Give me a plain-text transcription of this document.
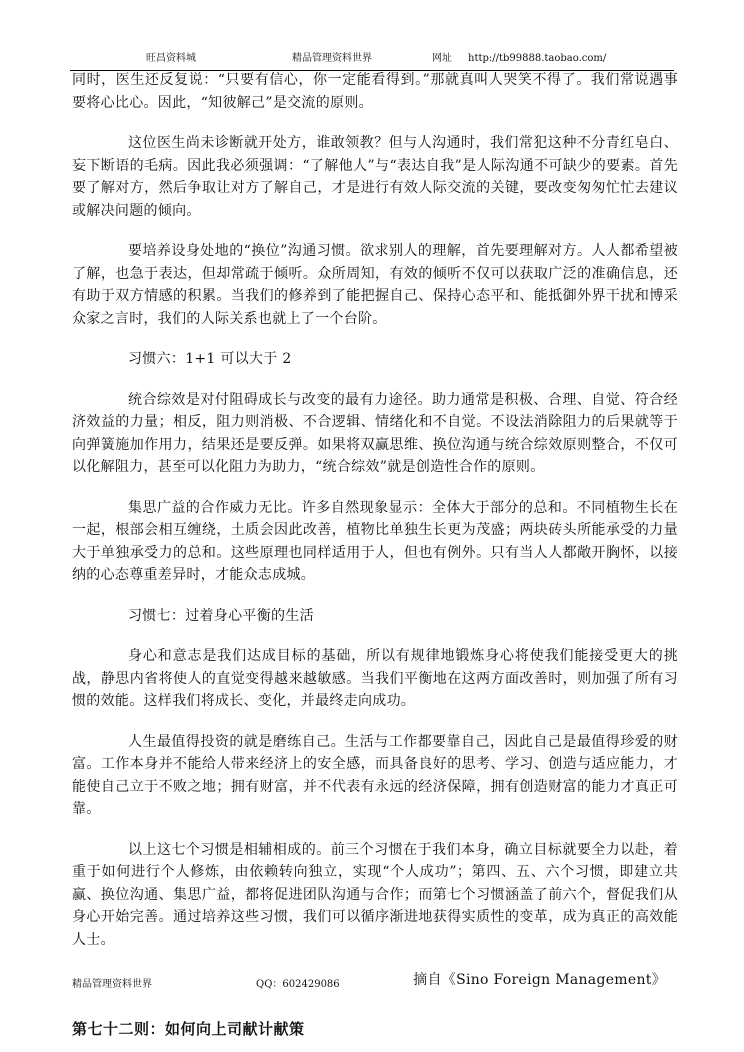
旺昌资料城	精品管理资料世界	网址 http://tb99888.taobao.com/

同时，医生还反复说：“只要有信心，你一定能看得到。”那就真叫人哭笑不得了。我们常说遇事要将心比心。因此，“知彼解己”是交流的原则。

这位医生尚未诊断就开处方，谁敢领教？但与人沟通时，我们常犯这种不分青红皂白、妄下断语的毛病。因此我必须强调：“了解他人”与“表达自我”是人际沟通不可缺少的要素。首先要了解对方，然后争取让对方了解自己，才是进行有效人际交流的关键，要改变匆匆忙忙去建议或解决问题的倾向。

要培养设身处地的“换位”沟通习惯。欲求别人的理解，首先要理解对方。人人都希望被了解，也急于表达，但却常疏于倾听。众所周知，有效的倾听不仅可以获取广泛的准确信息，还有助于双方情感的积累。当我们的修养到了能把握自己、保持心态平和、能抵御外界干扰和博采众家之言时，我们的人际关系也就上了一个台阶。

习惯六：1+1 可以大于 2

统合综效是对付阻碍成长与改变的最有力途径。助力通常是积极、合理、自觉、符合经济效益的力量；相反，阻力则消极、不合逻辑、情绪化和不自觉。不设法消除阻力的后果就等于向弹簧施加作用力，结果还是要反弹。如果将双赢思维、换位沟通与统合综效原则整合，不仅可以化解阻力，甚至可以化阻力为助力，“统合综效”就是创造性合作的原则。

集思广益的合作威力无比。许多自然现象显示：全体大于部分的总和。不同植物生长在一起，根部会相互缠绕，土质会因此改善，植物比单独生长更为茂盛；两块砖头所能承受的力量大于单独承受力的总和。这些原理也同样适用于人，但也有例外。只有当人人都敞开胸怀，以接纳的心态尊重差异时，才能众志成城。

习惯七：过着身心平衡的生活

身心和意志是我们达成目标的基础，所以有规律地锻炼身心将使我们能接受更大的挑战，静思内省将使人的直觉变得越来越敏感。当我们平衡地在这两方面改善时，则加强了所有习惯的效能。这样我们将成长、变化，并最终走向成功。

人生最值得投资的就是磨练自己。生活与工作都要靠自己，因此自己是最值得珍爱的财富。工作本身并不能给人带来经济上的安全感，而具备良好的思考、学习、创造与适应能力，才能使自己立于不败之地；拥有财富，并不代表有永远的经济保障，拥有创造财富的能力才真正可靠。

以上这七个习惯是相辅相成的。前三个习惯在于我们本身，确立目标就要全力以赴，着重于如何进行个人修炼，由依赖转向独立，实现“个人成功”；第四、五、六个习惯，即建立共赢、换位沟通、集思广益，都将促进团队沟通与合作；而第七个习惯涵盖了前六个，督促我们从身心开始完善。通过培养这些习惯，我们可以循序渐进地获得实质性的变革，成为真正的高效能人士。

摘自《Sino Foreign Management》

第七十二则：如何向上司献计献策

精品管理资料世界	QQ：602429086
